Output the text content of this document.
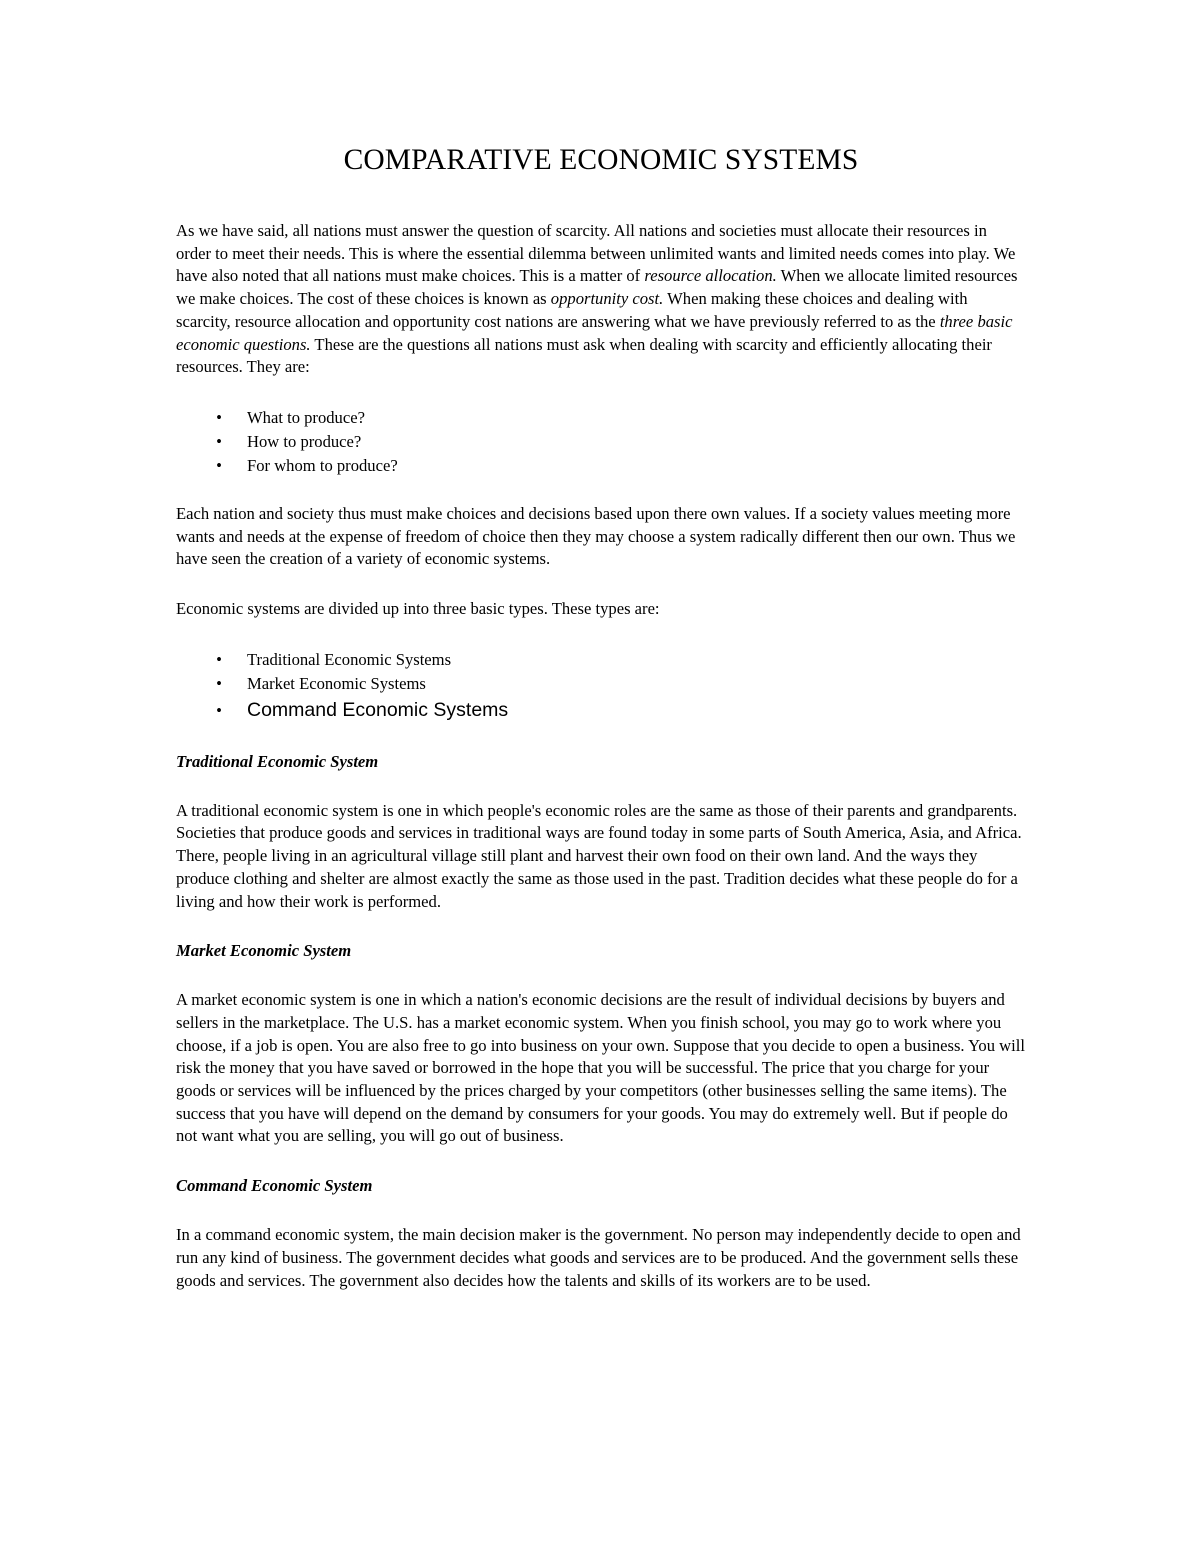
COMPARATIVE ECONOMIC SYSTEMS

As we have said, all nations must answer the question of scarcity. All nations and societies must allocate their resources in order to meet their needs. This is where the essential dilemma between unlimited wants and limited needs comes into play. We have also noted that all nations must make choices. This is a matter of resource allocation. When we allocate limited resources we make choices. The cost of these choices is known as opportunity cost. When making these choices and dealing with scarcity, resource allocation and opportunity cost nations are answering what we have previously referred to as the three basic economic questions. These are the questions all nations must ask when dealing with scarcity and efficiently allocating their resources. They are:

• What to produce?
• How to produce?
• For whom to produce?

Each nation and society thus must make choices and decisions based upon there own values. If a society values meeting more wants and needs at the expense of freedom of choice then they may choose a system radically different then our own. Thus we have seen the creation of a variety of economic systems.

Economic systems are divided up into three basic types. These types are:

• Traditional Economic Systems
• Market Economic Systems
• Command Economic Systems
Traditional Economic System

A traditional economic system is one in which people's economic roles are the same as those of their parents and grandparents. Societies that produce goods and services in traditional ways are found today in some parts of South America, Asia, and Africa. There, people living in an agricultural village still plant and harvest their own food on their own land. And the ways they produce clothing and shelter are almost exactly the same as those used in the past. Tradition decides what these people do for a living and how their work is performed.

Market Economic System

A market economic system is one in which a nation's economic decisions are the result of individual decisions by buyers and sellers in the marketplace. The U.S. has a market economic system. When you finish school, you may go to work where you choose, if a job is open. You are also free to go into business on your own. Suppose that you decide to open a business. You will risk the money that you have saved or borrowed in the hope that you will be successful. The price that you charge for your goods or services will be influenced by the prices charged by your competitors (other businesses selling the same items). The success that you have will depend on the demand by consumers for your goods. You may do extremely well. But if people do not want what you are selling, you will go out of business.

Command Economic System

In a command economic system, the main decision maker is the government. No person may independently decide to open and run any kind of business. The government decides what goods and services are to be produced. And the government sells these goods and services. The government also decides how the talents and skills of its workers are to be used.
